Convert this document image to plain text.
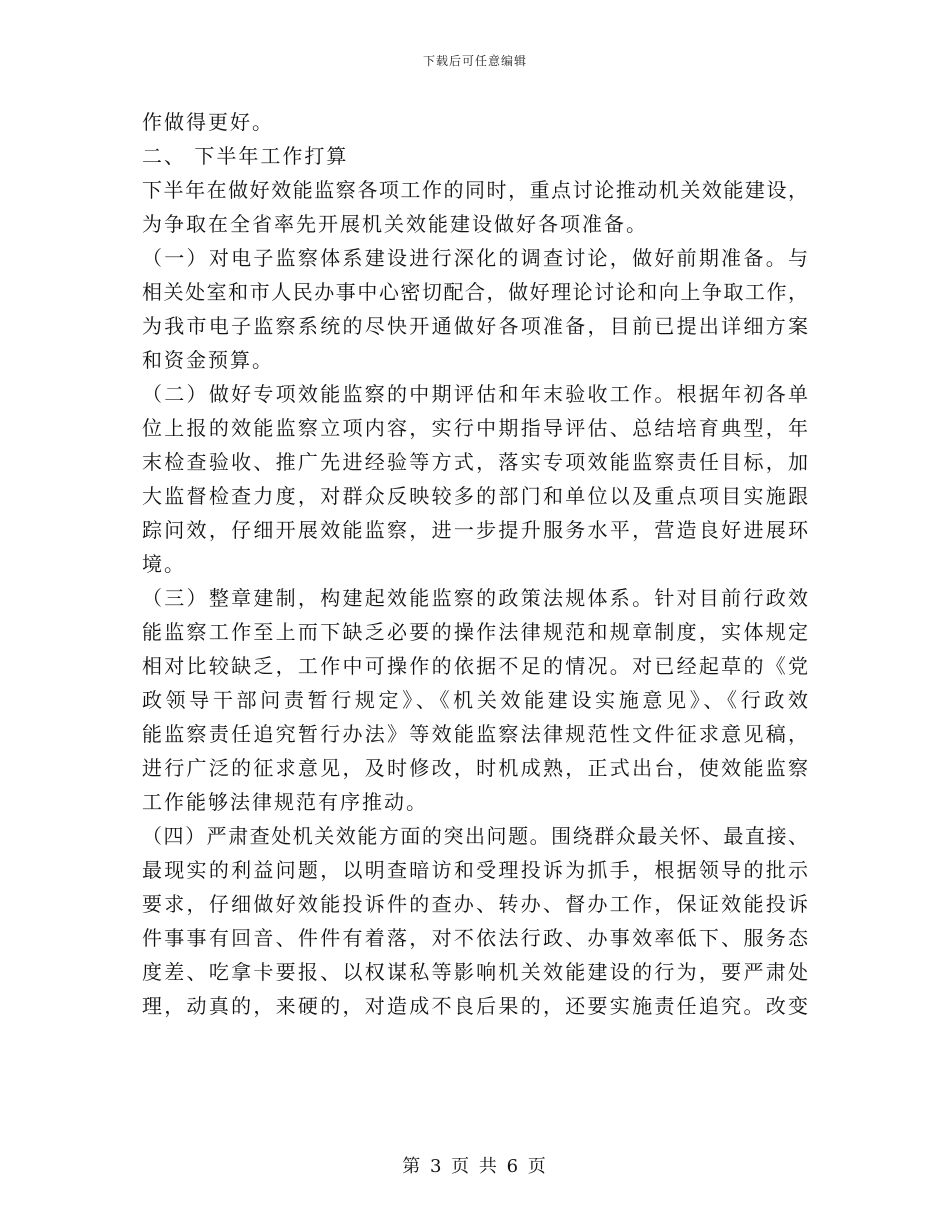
下载后可任意编辑
作做得更好。
二、 下半年工作打算
下半年在做好效能监察各项工作的同时，重点讨论推动机关效能建设，
为争取在全省率先开展机关效能建设做好各项准备。
（一）对电子监察体系建设进行深化的调查讨论，做好前期准备。与
相关处室和市人民办事中心密切配合，做好理论讨论和向上争取工作，
为我市电子监察系统的尽快开通做好各项准备，目前已提出详细方案
和资金预算。
（二）做好专项效能监察的中期评估和年末验收工作。根据年初各单
位上报的效能监察立项内容，实行中期指导评估、总结培育典型，年
末检查验收、推广先进经验等方式，落实专项效能监察责任目标，加
大监督检查力度，对群众反映较多的部门和单位以及重点项目实施跟
踪问效，仔细开展效能监察，进一步提升服务水平，营造良好进展环
境。
（三）整章建制，构建起效能监察的政策法规体系。针对目前行政效
能监察工作至上而下缺乏必要的操作法律规范和规章制度，实体规定
相对比较缺乏，工作中可操作的依据不足的情况。对已经起草的《党
政领导干部问责暂行规定》、《机关效能建设实施意见》、《行政效
能监察责任追究暂行办法》等效能监察法律规范性文件征求意见稿，
进行广泛的征求意见，及时修改，时机成熟，正式出台，使效能监察
工作能够法律规范有序推动。
（四）严肃查处机关效能方面的突出问题。围绕群众最关怀、最直接、
最现实的利益问题，以明查暗访和受理投诉为抓手，根据领导的批示
要求，仔细做好效能投诉件的查办、转办、督办工作，保证效能投诉
件事事有回音、件件有着落，对不依法行政、办事效率低下、服务态
度差、吃拿卡要报、以权谋私等影响机关效能建设的行为，要严肃处
理，动真的，来硬的，对造成不良后果的，还要实施责任追究。改变
第 3 页 共 6 页
